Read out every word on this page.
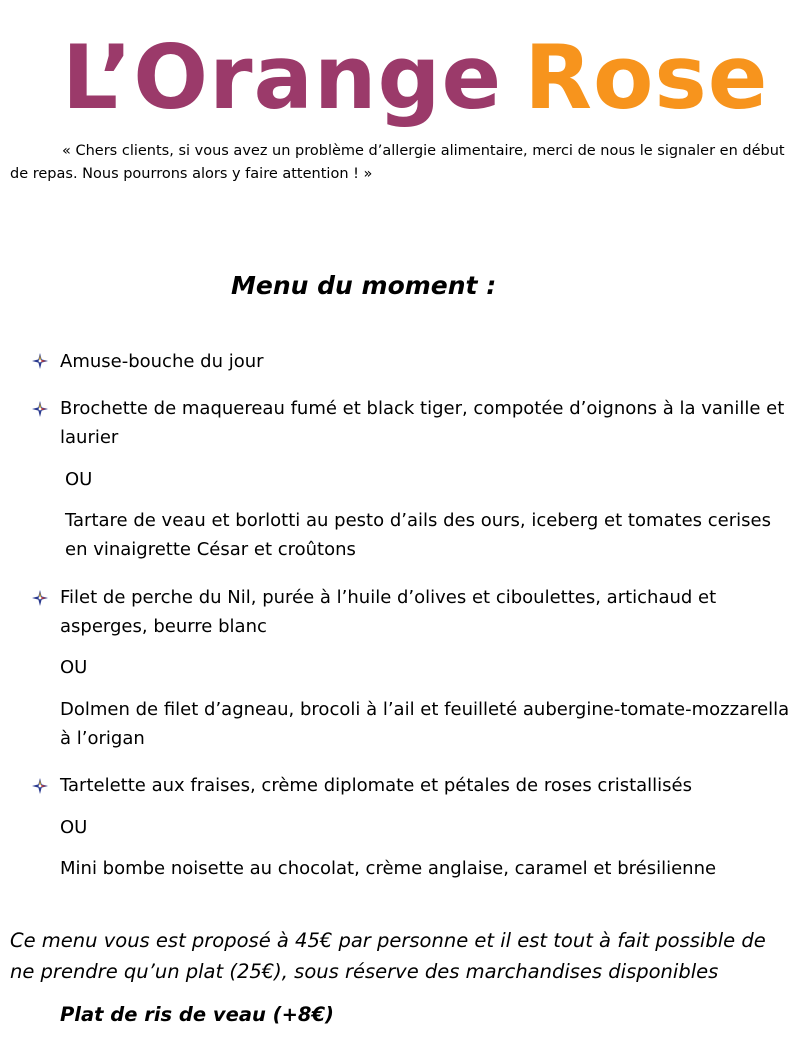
L’Orange Rose

« Chers clients, si vous avez un problème d’allergie alimentaire, merci de nous le signaler en début de repas. Nous pourrons alors y faire attention ! »

Menu du moment :

Amuse-bouche du jour

Brochette de maquereau fumé et black tiger, compotée d’oignons à la vanille et laurier

OU

Tartare de veau et borlotti au pesto d’ails des ours, iceberg et tomates cerises en vinaigrette César et croûtons

Filet de perche du Nil, purée à l’huile d’olives et ciboulettes, artichaud et asperges, beurre blanc

OU

Dolmen de filet d’agneau, brocoli à l’ail et feuilleté aubergine-tomate-mozzarella à l’origan

Tartelette aux fraises, crème diplomate et pétales de roses cristallisés

OU

Mini bombe noisette au chocolat, crème anglaise, caramel et brésilienne

Ce menu vous est proposé à 45€ par personne et il est tout à fait possible de ne prendre qu’un plat (25€), sous réserve des marchandises disponibles

Plat de ris de veau (+8€)
